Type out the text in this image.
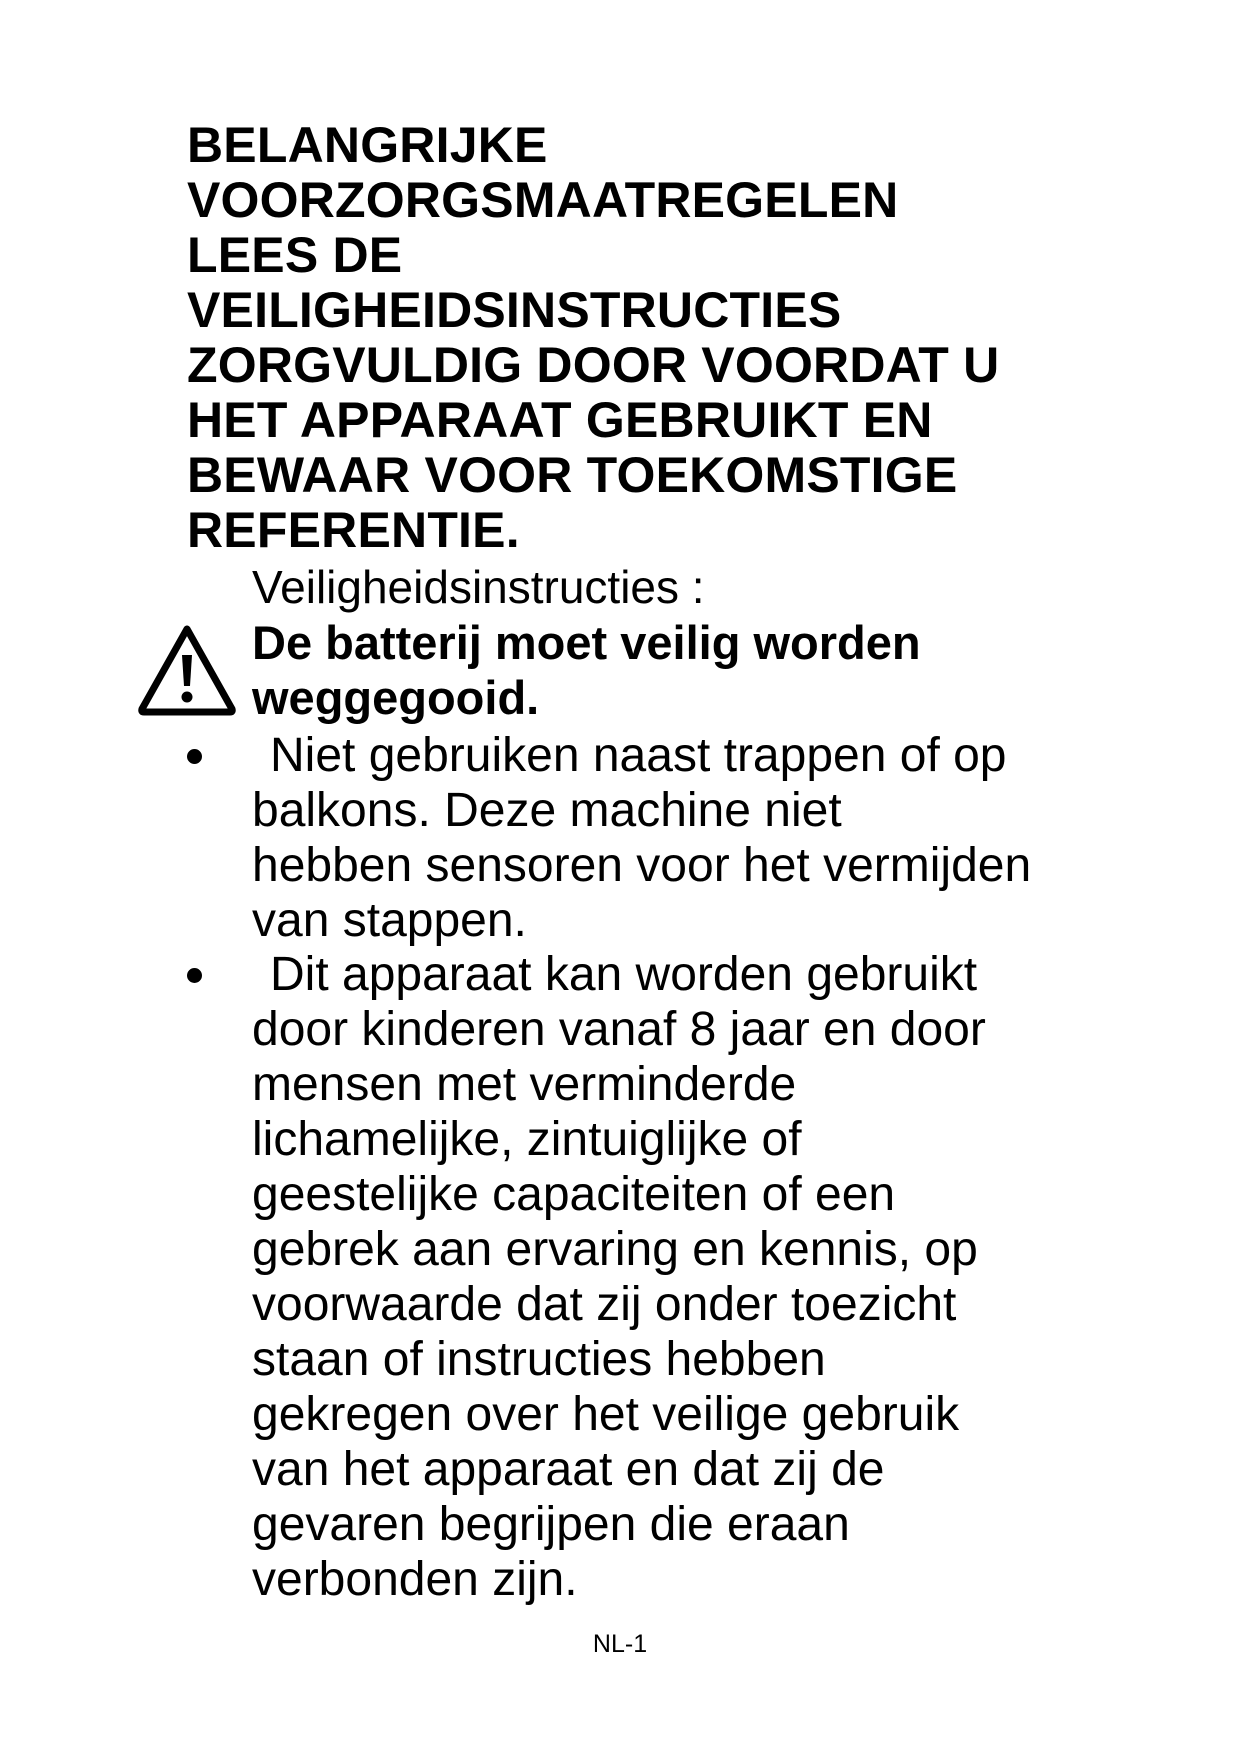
BELANGRIJKE
VOORZORGSMAATREGELEN
LEES DE
VEILIGHEIDSINSTRUCTIES
ZORGVULDIG DOOR VOORDAT U
HET APPARAAT GEBRUIKT EN
BEWAAR VOOR TOEKOMSTIGE
REFERENTIE.
Veiligheidsinstructies :
De batterij moet veilig worden
weggegooid.
Niet gebruiken naast trappen of op
balkons. Deze machine niet
hebben sensoren voor het vermijden
van stappen.
Dit apparaat kan worden gebruikt
door kinderen vanaf 8 jaar en door
mensen met verminderde
lichamelijke, zintuiglijke of
geestelijke capaciteiten of een
gebrek aan ervaring en kennis, op
voorwaarde dat zij onder toezicht
staan of instructies hebben
gekregen over het veilige gebruik
van het apparaat en dat zij de
gevaren begrijpen die eraan
verbonden zijn.
NL-1
